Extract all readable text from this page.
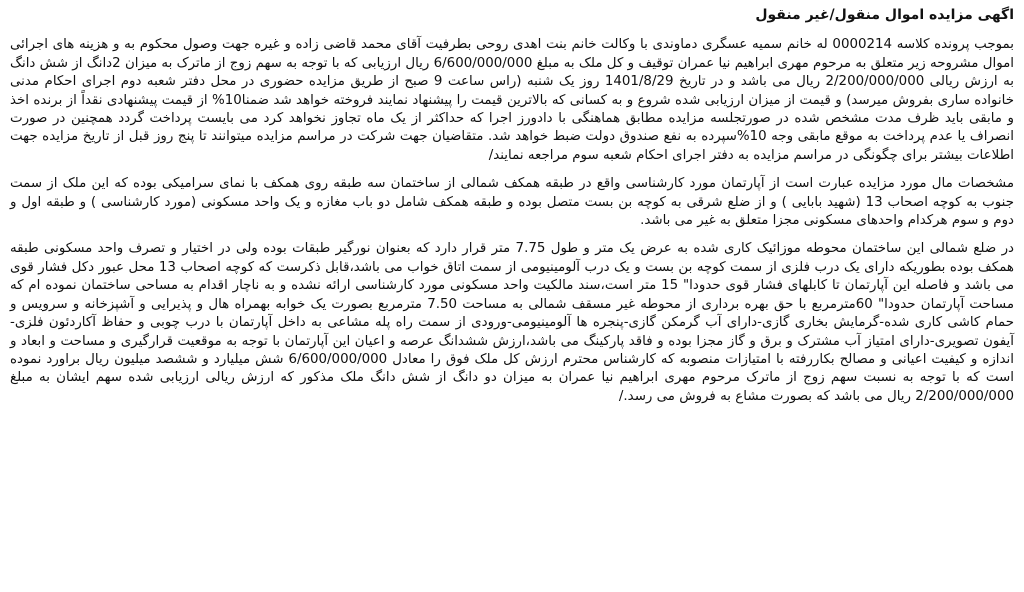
اگهی مزایده اموال منقول/غیر منقول

بموجب پرونده کلاسه 0000214 له خانم سمیه عسگری دماوندی با وکالت خانم بنت اهدی روحی بطرفیت آقای محمد قاضی زاده و غیره جهت وصول محکوم به و هزینه های اجرائی اموال مشروحه زیر متعلق به مرحوم مهری ابراهیم نیا عمران توقیف و کل ملک به مبلغ 6/600/000/000 ریال ارزیابی که با توجه به سهم زوج از ماترک به میزان 2دانگ از شش دانگ به ارزش ریالی 2/200/000/000 ریال می باشد و در تاریخ 1401/8/29 روز یک شنبه (راس ساعت 9 صبح از طریق مزایده حضوری در محل دفتر شعبه دوم اجرای احکام مدنی خانواده ساری بفروش میرسد) و قیمت از میزان ارزیابی شده شروع و به کسانی که بالاترین قیمت را پیشنهاد نمایند فروخته خواهد شد ضمنا10% از قیمت پیشنهادی نقداً از برنده اخذ و مابقی باید ظرف مدت مشخص شده در صورتجلسه مزایده مطابق هماهنگی با دادورز اجرا که حداکثر از یک ماه تجاوز نخواهد کرد می بایست پرداخت گردد همچنین در صورت انصراف یا عدم پرداخت به موقع مابقی وجه 10%سپرده به نفع صندوق دولت ضبط خواهد شد. متقاضیان جهت شرکت در مراسم مزایده میتوانند تا پنج روز قبل از تاریخ مزایده جهت اطلاعات بیشتر برای چگونگی در مراسم مزایده به دفتر اجرای احکام شعبه سوم مراجعه نمایند/

مشخصات مال مورد مزایده عبارت است از آپارتمان مورد کارشناسی واقع در طبقه همکف شمالی از ساختمان سه طبقه روی همکف با نمای سرامیکی بوده که این ملک از سمت جنوب به کوچه اصحاب 13 (شهید بابایی ) و از ضلع شرقی به کوچه بن بست متصل بوده و طبقه همکف شامل دو باب مغازه و یک واحد مسکونی (مورد کارشناسی ) و طبقه اول و دوم و سوم هرکدام واحدهای مسکونی مجزا متعلق به غیر می باشد.

در ضلع شمالی این ساختمان محوطه موزائیک کاری شده به عرض یک متر و طول 7.75 متر قرار دارد که بعنوان نورگیر طبقات بوده ولی در اختیار و تصرف واحد مسکونی طبقه همکف بوده بطوریکه دارای یک درب فلزی از سمت کوچه بن بست و یک درب آلومینیومی از سمت اتاق خواب می باشد،قابل ذکرست که کوچه اصحاب 13 محل عبور دکل فشار قوی می باشد و فاصله این آپارتمان تا کابلهای فشار قوی حدودا" 15 متر است،سند مالکیت واحد مسکونی مورد کارشناسی ارائه نشده و به ناچار اقدام به مساحی ساختمان نموده ام که مساحت آپارتمان حدودا" 60مترمربع با حق بهره برداری از محوطه غیر مسقف شمالی به مساحت 7.50 مترمربع بصورت یک خوابه بهمراه هال و پذیرایی و آشپزخانه و سرویس و حمام کاشی کاری شده-گرمایش بخاری گازی-دارای آب گرمکن گازی-پنجره ها آلومینیومی-ورودی از سمت راه پله مشاعی به داخل آپارتمان با درب چوبی و حفاظ آکاردئون فلزی-آیفون تصویری-دارای امتیاز آب مشترک و برق و گاز مجزا بوده و فاقد پارکینگ می باشد،ارزش ششدانگ عرصه و اعیان این آپارتمان با توجه به موقعیت قرارگیری و مساحت و ابعاد و اندازه و کیفیت اعیانی و مصالح بکاررفته با امتیازات منصوبه که کارشناس محترم ارزش کل ملک فوق را معادل 6/600/000/000 شش میلیارد و ششصد میلیون ریال براورد نموده است که با توجه به نسبت سهم زوج از ماترک مرحوم مهری ابراهیم نیا عمران به میزان دو دانگ از شش دانگ ملک مذکور که ارزش ریالی ارزیابی شده سهم ایشان به مبلغ 2/200/000/000 ریال می باشد که بصورت مشاع به فروش می رسد./
